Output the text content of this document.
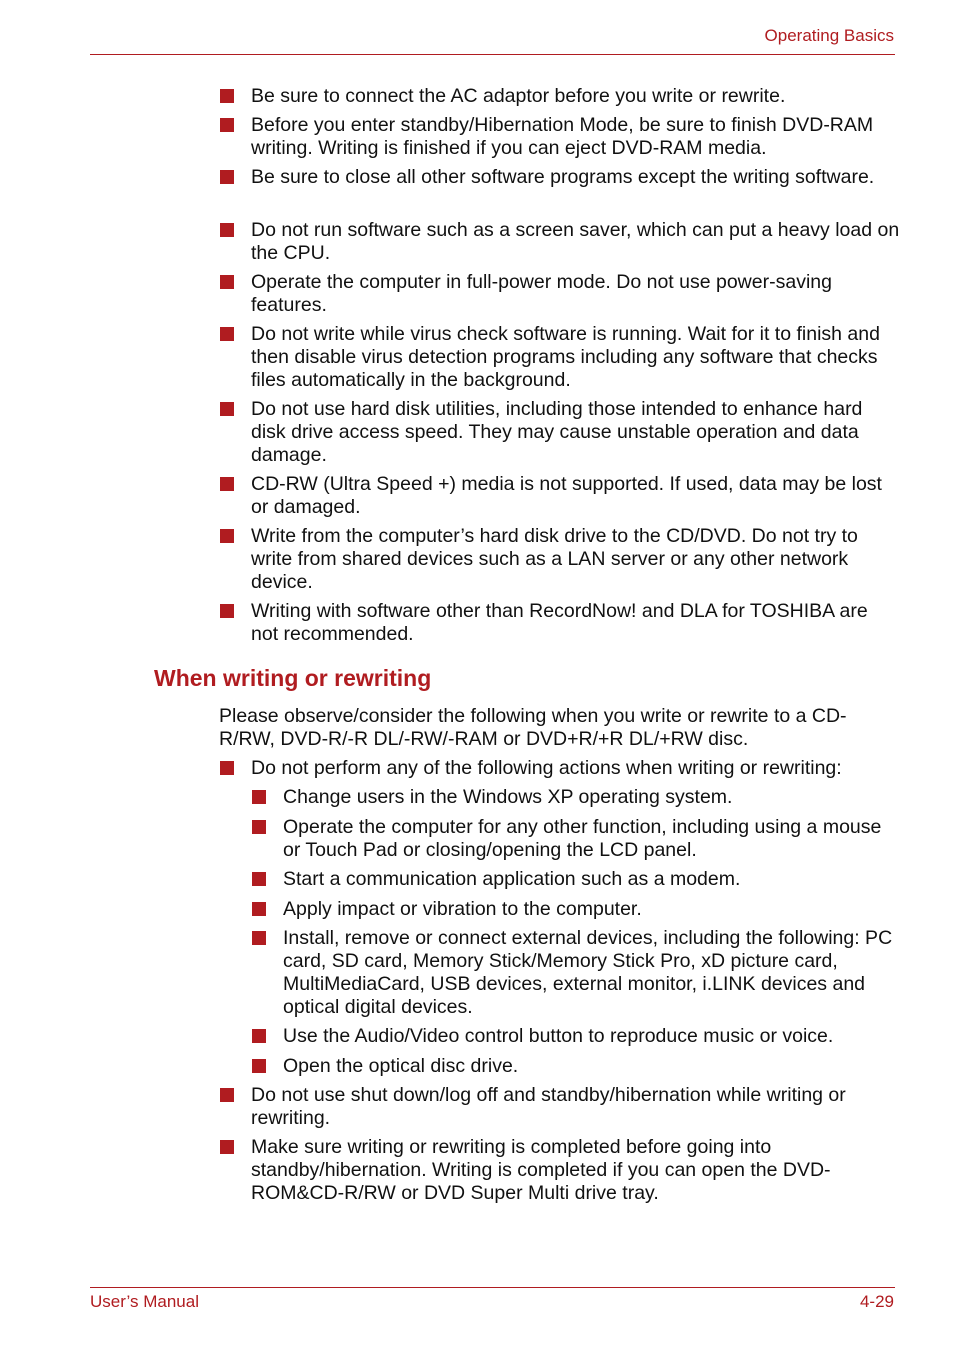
Operating Basics
Be sure to connect the AC adaptor before you write or rewrite.
Before you enter standby/Hibernation Mode, be sure to finish DVD-RAM writing. Writing is finished if you can eject DVD-RAM media.
Be sure to close all other software programs except the writing software.
Do not run software such as a screen saver, which can put a heavy load on the CPU.
Operate the computer in full-power mode. Do not use power-saving features.
Do not write while virus check software is running. Wait for it to finish and then disable virus detection programs including any software that checks files automatically in the background.
Do not use hard disk utilities, including those intended to enhance hard disk drive access speed. They may cause unstable operation and data damage.
CD-RW (Ultra Speed +) media is not supported. If used, data may be lost or damaged.
Write from the computer’s hard disk drive to the CD/DVD. Do not try to write from shared devices such as a LAN server or any other network device.
Writing with software other than RecordNow! and DLA for TOSHIBA are not recommended.
When writing or rewriting
Please observe/consider the following when you write or rewrite to a CD-R/RW, DVD-R/-R DL/-RW/-RAM or DVD+R/+R DL/+RW disc.
Do not perform any of the following actions when writing or rewriting:
Change users in the Windows XP operating system.
Operate the computer for any other function, including using a mouse or Touch Pad or closing/opening the LCD panel.
Start a communication application such as a modem.
Apply impact or vibration to the computer.
Install, remove or connect external devices, including the following: PC card, SD card, Memory Stick/Memory Stick Pro, xD picture card, MultiMediaCard, USB devices, external monitor, i.LINK devices and optical digital devices.
Use the Audio/Video control button to reproduce music or voice.
Open the optical disc drive.
Do not use shut down/log off and standby/hibernation while writing or rewriting.
Make sure writing or rewriting is completed before going into standby/hibernation. Writing is completed if you can open the DVD-ROM&CD-R/RW or DVD Super Multi drive tray.
User’s Manual	4-29
